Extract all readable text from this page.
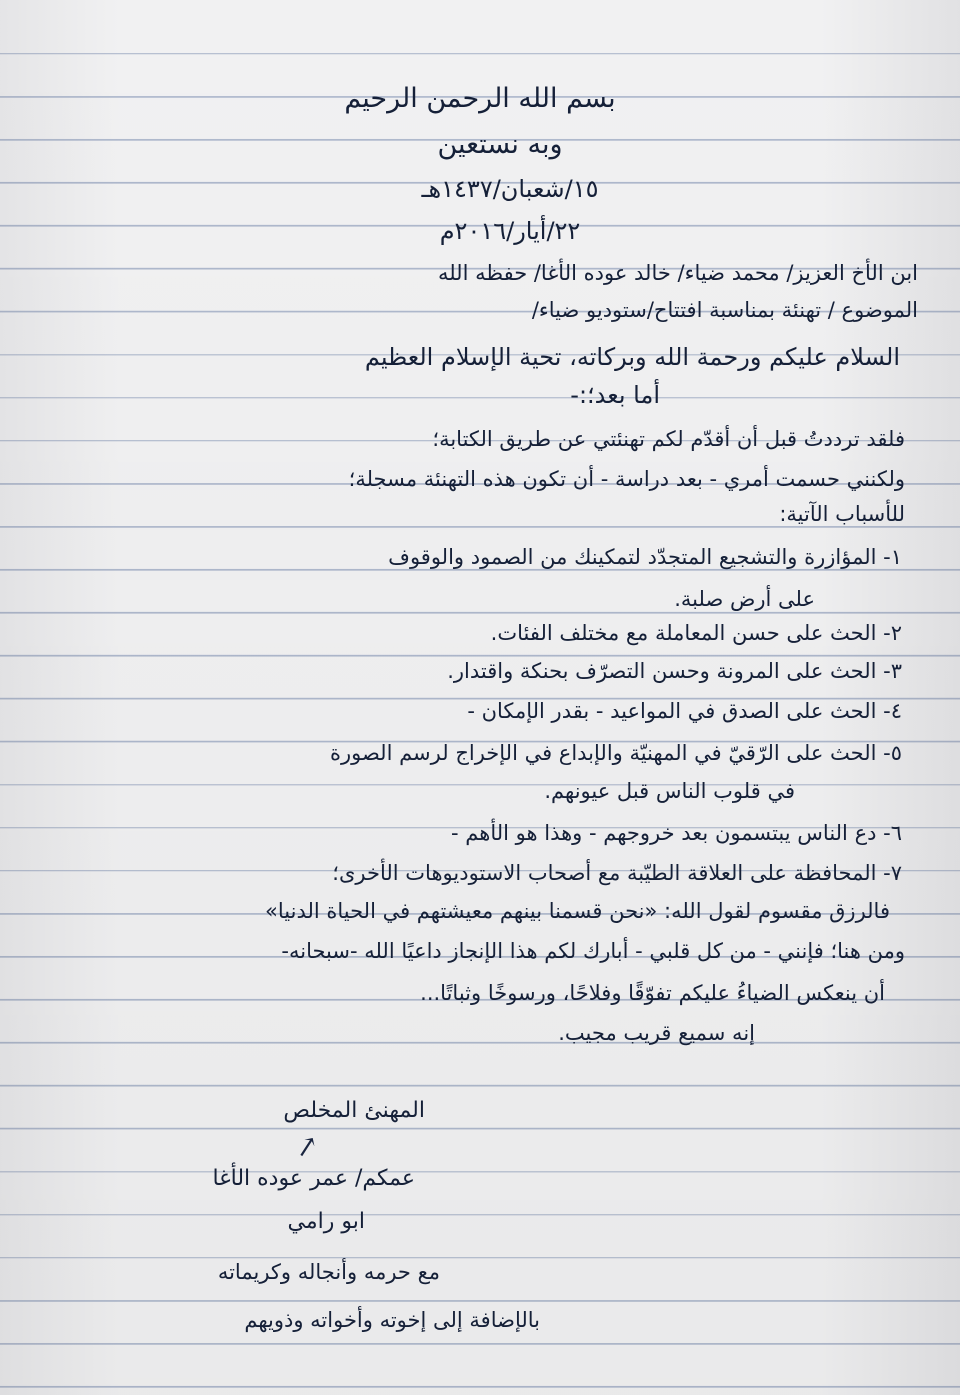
بسم الله الرحمن الرحيم
وبه نستعين
١٥/شعبان/١٤٣٧هـ
٢٢/أيار/٢٠١٦م
ابن الأخ العزيز/ محمد ضياء/ خالد عوده الأغا/ حفظه الله
الموضوع / تهنئة بمناسبة افتتاح/ستوديو ضياء/
السلام عليكم ورحمة الله وبركاته، تحية الإسلام العظيم
أما بعد؛:-
فلقد ترددتُ قبل أن أقدّم لكم تهنئتي عن طريق الكتابة؛
ولكنني حسمت أمري - بعد دراسة - أن تكون هذه التهنئة مسجلة؛
للأسباب الآتية:
١- المؤازرة والتشجيع المتجدّد لتمكينك من الصمود والوقوف
على أرض صلبة.
٢- الحث على حسن المعاملة مع مختلف الفئات.
٣- الحث على المرونة وحسن التصرّف بحنكة واقتدار.
٤- الحث على الصدق في المواعيد - بقدر الإمكان -
٥- الحث على الرّقيّ في المهنيّة والإبداع في الإخراج لرسم الصورة
في قلوب الناس قبل عيونهم.
٦- دع الناس يبتسمون بعد خروجهم - وهذا هو الأهم -
٧- المحافظة على العلاقة الطيّبة مع أصحاب الاستوديوهات الأخرى؛
فالرزق مقسوم لقول الله: «نحن قسمنا بينهم معيشتهم في الحياة الدنيا»
ومن هنا؛ فإنني - من كل قلبي - أبارك لكم هذا الإنجاز داعيًا الله -سبحانه-
أن ينعكس الضياءُ عليكم تفوّقًا وفلاحًا، ورسوخًا وثباتًا...
إنه سميع قريب مجيب.
المهنئ المخلص
↗
عمكم/ عمر عوده الأغا
ابو رامي
مع حرمه وأنجاله وكريماته
بالإضافة إلى إخوته وأخواته وذويهم
